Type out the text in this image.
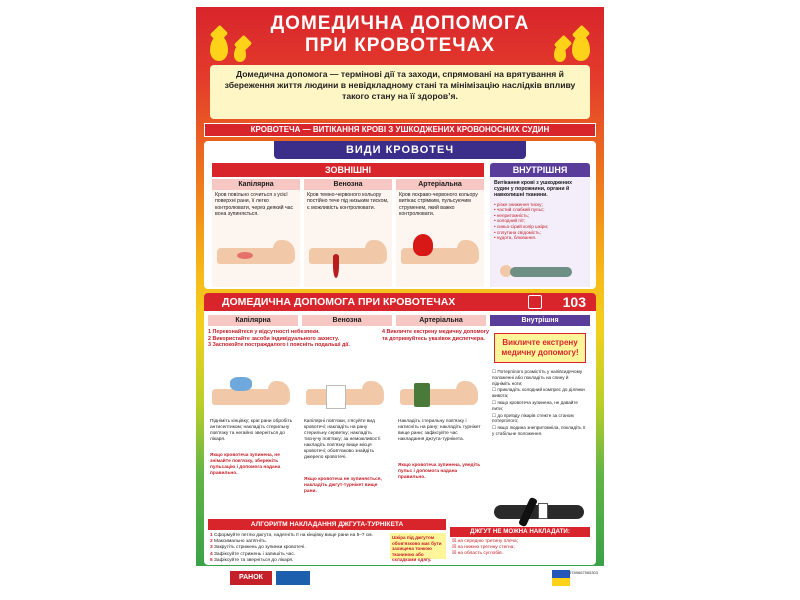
ДОМЕДИЧНА ДОПОМОГА
ПРИ КРОВОТЕЧАХ
Домедична допомога — термінові дії та заходи, спрямовані на врятування й збереження життя людини в невідкладному стані та мінімізацію наслідків впливу такого стану на її здоров’я.
КРОВОТЕЧА — ВИТІКАННЯ КРОВІ З УШКОДЖЕНИХ КРОВОНОСНИХ СУДИН
ВИДИ КРОВОТЕЧ
ЗОВНІШНІ	ВНУТРІШНЯ
Капілярна
Кров повільно сочиться з усієї поверхні рани, її легко контролювати, через деякий час вона зупиняється.
Венозна
Кров темно-червоного кольору постійно тече під низьким тиском, є можливість контролювати.
Артеріальна
Кров яскраво-червоного кольору витікає стрімким, пульсуючим струменем, який важко контролювати.
Витікання крові з ушкоджених судин у порожнини, органи й навколишні тканини.
• різке зниження тиску;
• частий слабкий пульс;
• непритомність;
• холодний піт;
• синьо-сірий колір шкіри;
• сплутана свідомість;
• нудота, блювання.
ДОМЕДИЧНА ДОПОМОГА ПРИ КРОВОТЕЧАХ	103
Капілярна	Венозна	Артеріальна	Внутрішня
1 Переконайтеся у відсутності небезпеки.
2 Використайте засоби індивідуального захисту.
3 Заспокойте постраждалого і поясніть подальші дії.
4 Викличте екстрену медичну допомогу та дотримуйтесь указівок диспетчера.	Викличте екстрену медичну допомогу!
☐ Потерпілого розмістіть у напівсидячому положенні або покладіть на спину й підніміть ноги;
☐ прикладіть холодний компрес до ділянки живота;
☐ якщо кровотеча зупинена, не давайте пити;
☐ до приїзду лікарів стежте за станом потерпілого;
☐ якщо людина знепритомніла, покладіть її у стабільне положення.
Підніміть кінцівку; краї рани обробіть антисептиком; накладіть стерильну пов’язку та негайно зверніться до лікаря.
Якщо кровотеча зупинена, не знімайте пов’язку, збережіть пульсацію і допомога надана правильно.
Капілярні пов’язки, з’ясуйте вид кровотечі; накладіть на рану стерильну серветку; накладіть тиснучу пов’язку; за неможливості накладіть пов’язку вище місця кровотечі; обов’язково знайдіть джерело кровотечі.
Якщо кровотеча не зупиняється, накладіть джгут-турнікет вище рани.
Накладіть стерильну пов’язку і натисніть на рану; накладіть турнікет вище рани; зафіксуйте час накладання джгута-турнікета.
Якщо кровотеча зупинена, уведіть пульс і допомога надана правильно.
АЛГОРИТМ НАКЛАДАННЯ ДЖГУТА-ТУРНІКЕТА
1 Сформуйте петлю джгута, надягніть її на кінцівку вище рани на 5–7 см.
2 Максимально затягніть.
3 Закрутіть стрижень до зупинки кровотечі.
4 Зафіксуйте стрижень і запишіть час.
5 Зафіксуйте та зверніться до лікаря.
Шкіра під джгутом обов’язково має бути захищена тонкою тканиною або складками одягу.
ДЖГУТ НЕ МОЖНА НАКЛАДАТИ:
☒ на середню третину плеча;
☒ на нижню третину стегна;
☒ на область суглобів.
РАНОК
9789667565303
